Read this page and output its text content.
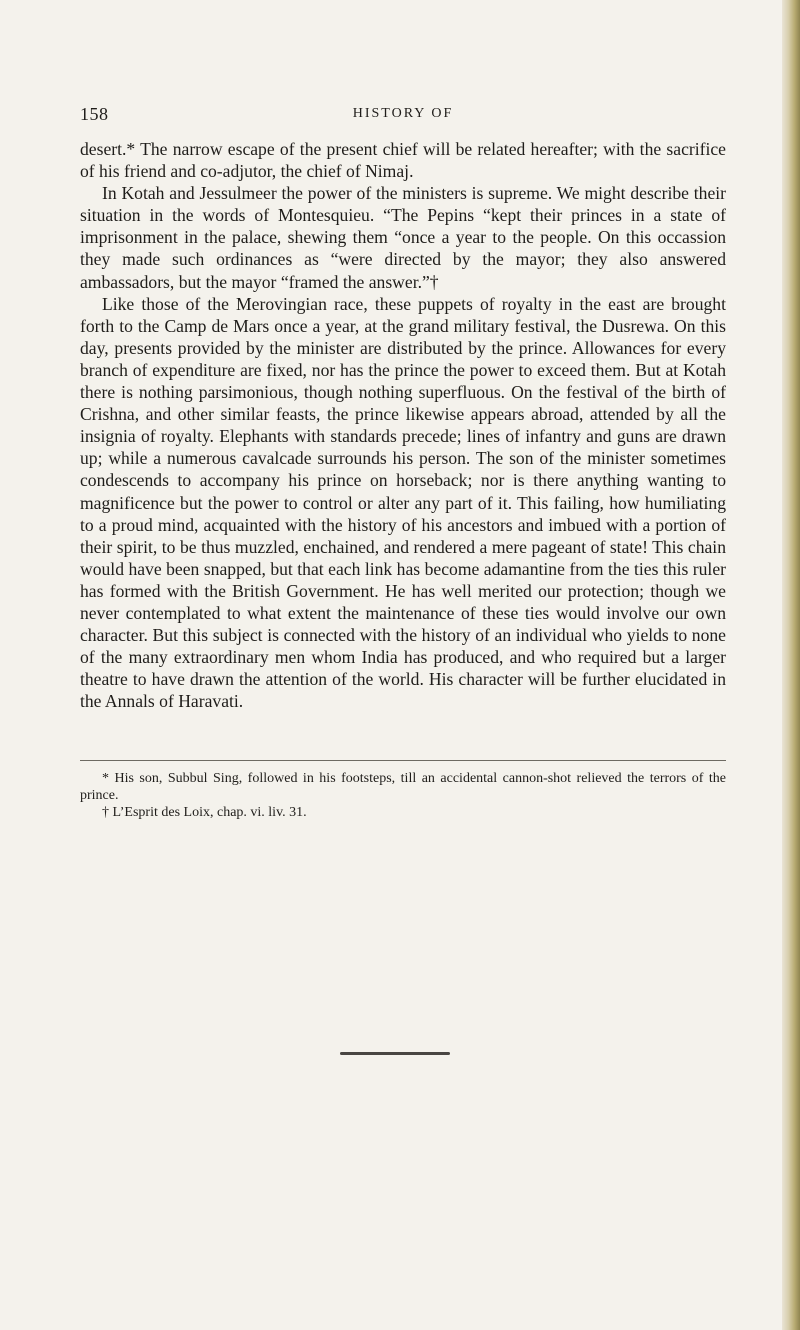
158	HISTORY OF

desert.* The narrow escape of the present chief will be related hereafter; with the sacrifice of his friend and co-adjutor, the chief of Nimaj.

In Kotah and Jessulmeer the power of the ministers is supreme. We might describe their situation in the words of Montesquieu. “The Pepins “kept their princes in a state of imprisonment in the palace, shewing them “once a year to the people. On this occassion they made such ordinances as “were directed by the mayor; they also answered ambassadors, but the mayor “framed the answer.”†

Like those of the Merovingian race, these puppets of royalty in the east are brought forth to the Camp de Mars once a year, at the grand military festival, the Dusrewa. On this day, presents provided by the minister are distributed by the prince. Allowances for every branch of expenditure are fixed, nor has the prince the power to exceed them. But at Kotah there is nothing parsimonious, though nothing superfluous. On the festival of the birth of Crishna, and other similar feasts, the prince likewise appears abroad, attended by all the insignia of royalty. Elephants with standards precede; lines of infantry and guns are drawn up; while a numerous cavalcade surrounds his person. The son of the minister sometimes condescends to accompany his prince on horseback; nor is there anything wanting to magnificence but the power to control or alter any part of it. This failing, how humiliating to a proud mind, acquainted with the history of his ancestors and imbued with a portion of their spirit, to be thus muzzled, enchained, and rendered a mere pageant of state! This chain would have been snapped, but that each link has become adamantine from the ties this ruler has formed with the British Government. He has well merited our protection; though we never contemplated to what extent the maintenance of these ties would involve our own character. But this subject is connected with the history of an individual who yields to none of the many extraordinary men whom India has produced, and who required but a larger theatre to have drawn the attention of the world. His character will be further elucidated in the Annals of Haravati.

* His son, Subbul Sing, followed in his footsteps, till an accidental cannon-shot relieved the terrors of the prince.

† L’Esprit des Loix, chap. vi. liv. 31.
